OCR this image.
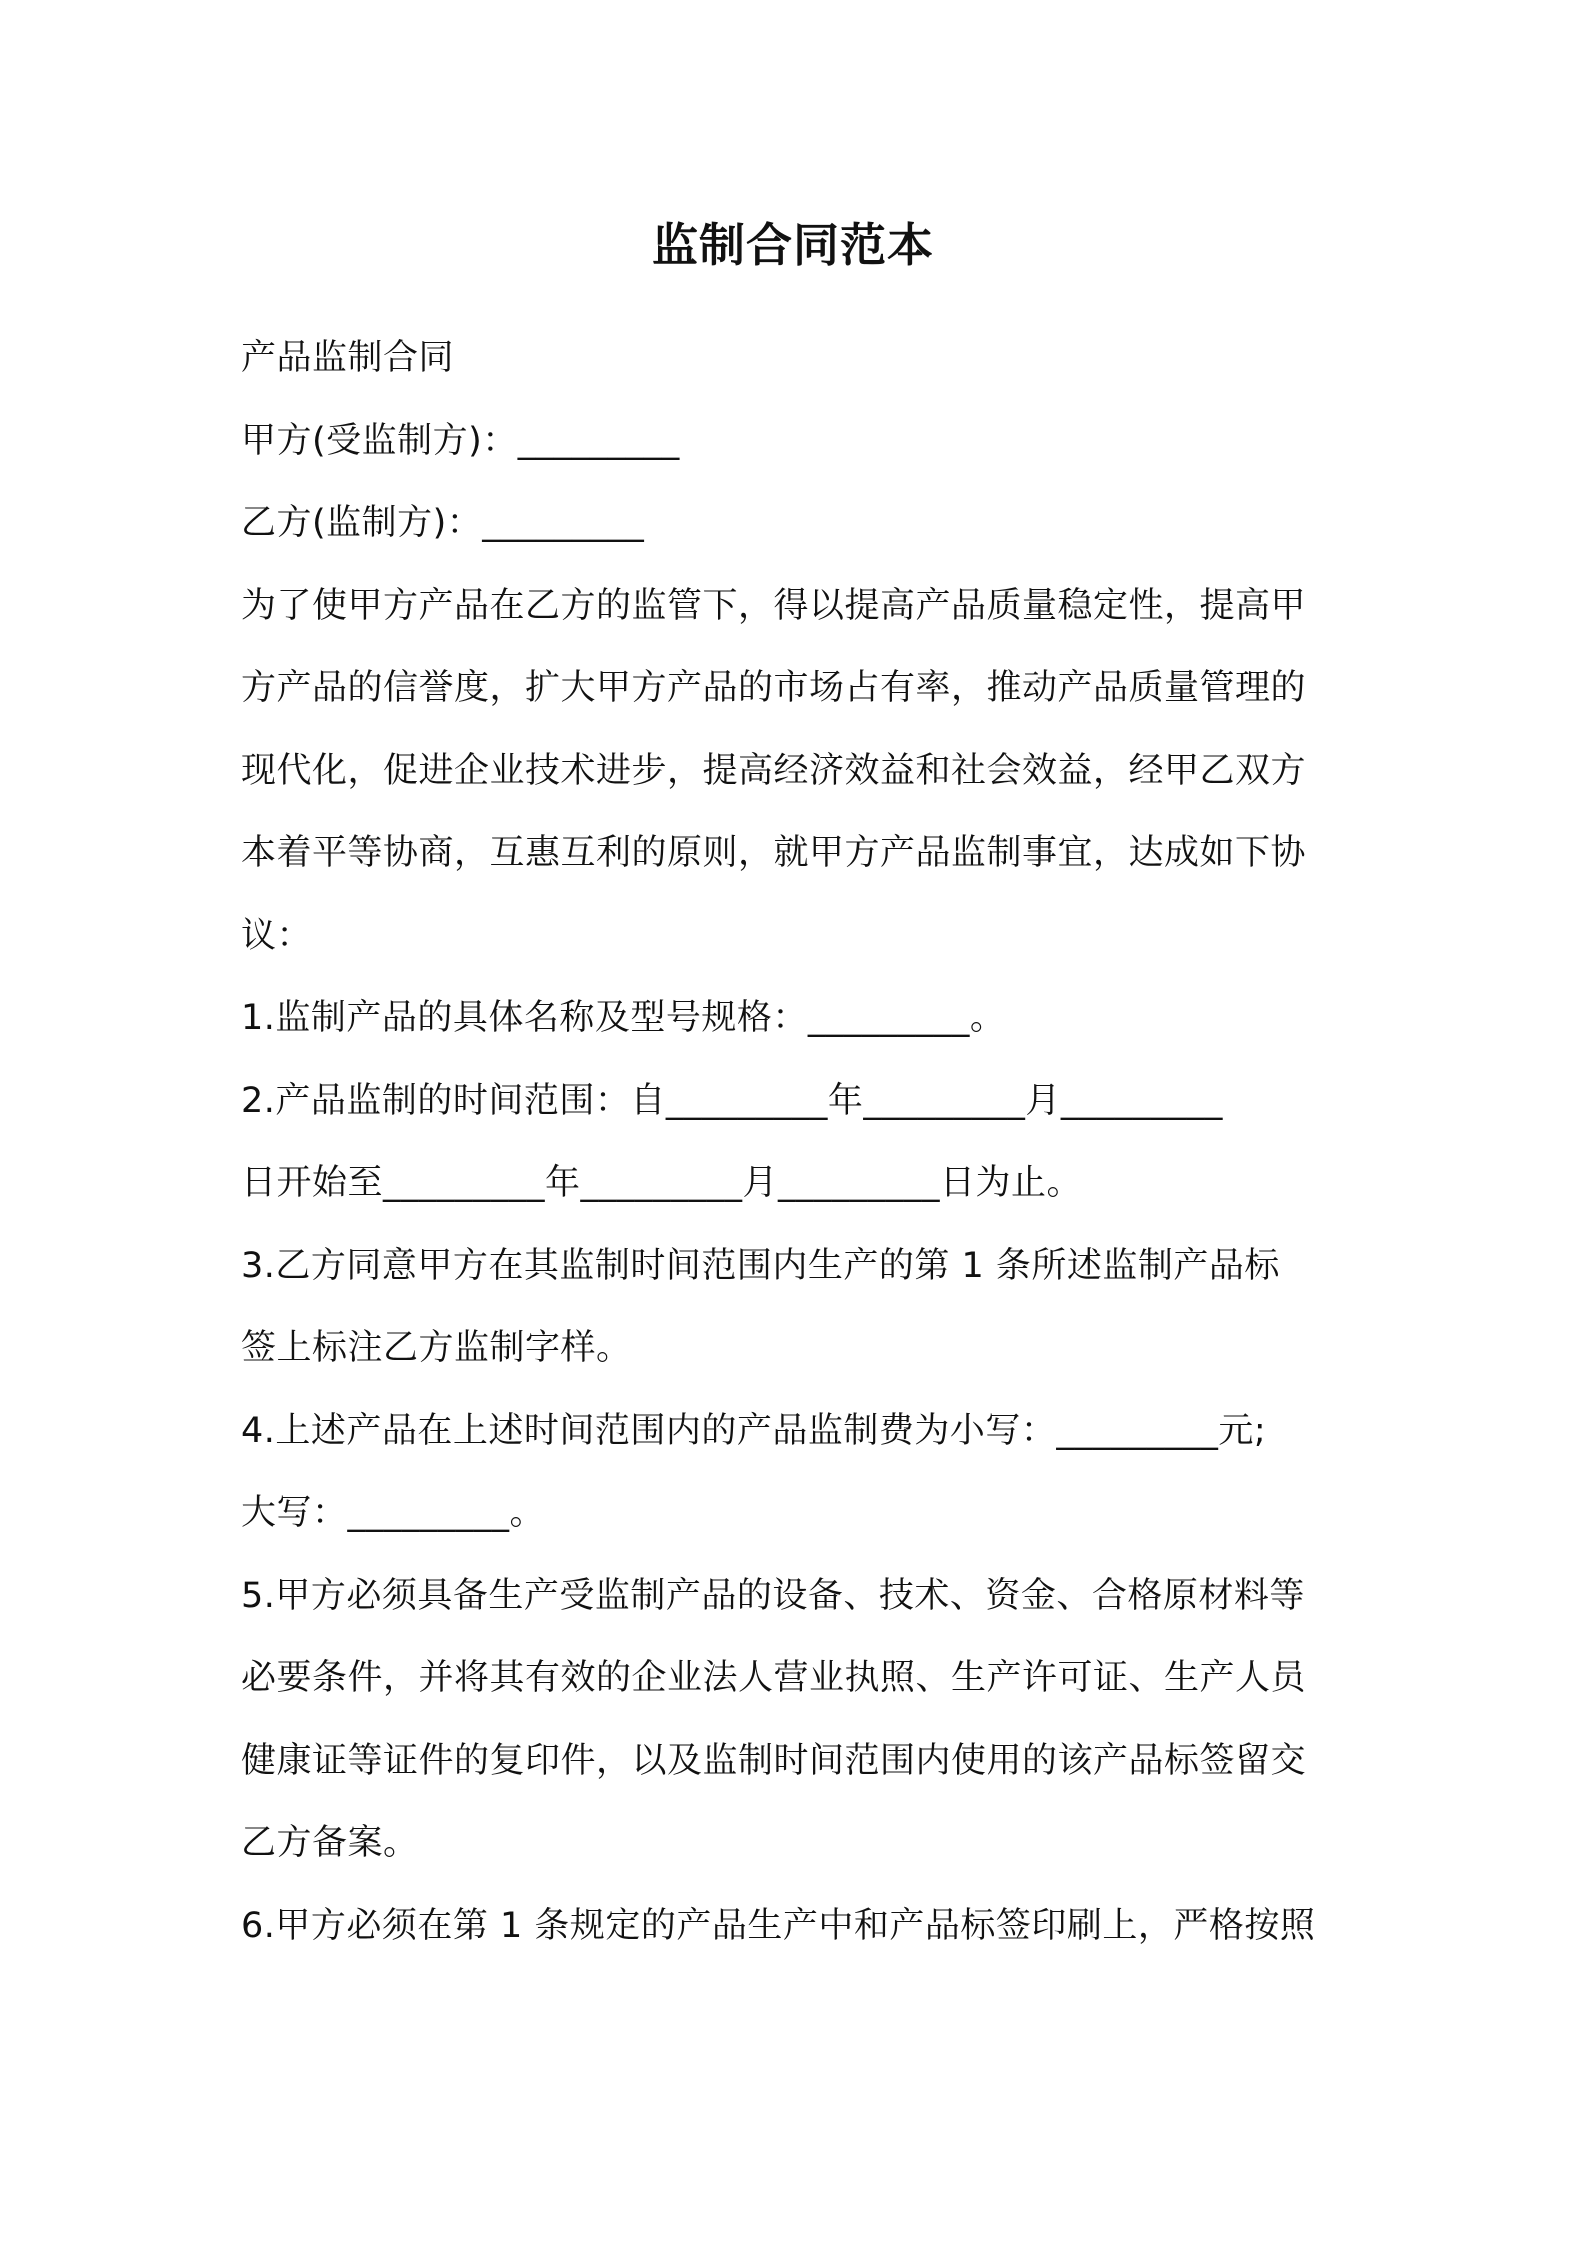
监制合同范本
产品监制合同
甲方(受监制方)：_________
乙方(监制方)：_________
为了使甲方产品在乙方的监管下，得以提高产品质量稳定性，提高甲
方产品的信誉度，扩大甲方产品的市场占有率，推动产品质量管理的
现代化，促进企业技术进步，提高经济效益和社会效益，经甲乙双方
本着平等协商，互惠互利的原则，就甲方产品监制事宜，达成如下协
议：
1.监制产品的具体名称及型号规格：_________。
2.产品监制的时间范围：自_________年_________月_________
日开始至_________年_________月_________日为止。
3.乙方同意甲方在其监制时间范围内生产的第 1 条所述监制产品标
签上标注乙方监制字样。
4.上述产品在上述时间范围内的产品监制费为小写：_________元;
大写：_________。
5.甲方必须具备生产受监制产品的设备、技术、资金、合格原材料等
必要条件，并将其有效的企业法人营业执照、生产许可证、生产人员
健康证等证件的复印件，以及监制时间范围内使用的该产品标签留交
乙方备案。
6.甲方必须在第 1 条规定的产品生产中和产品标签印刷上，严格按照
